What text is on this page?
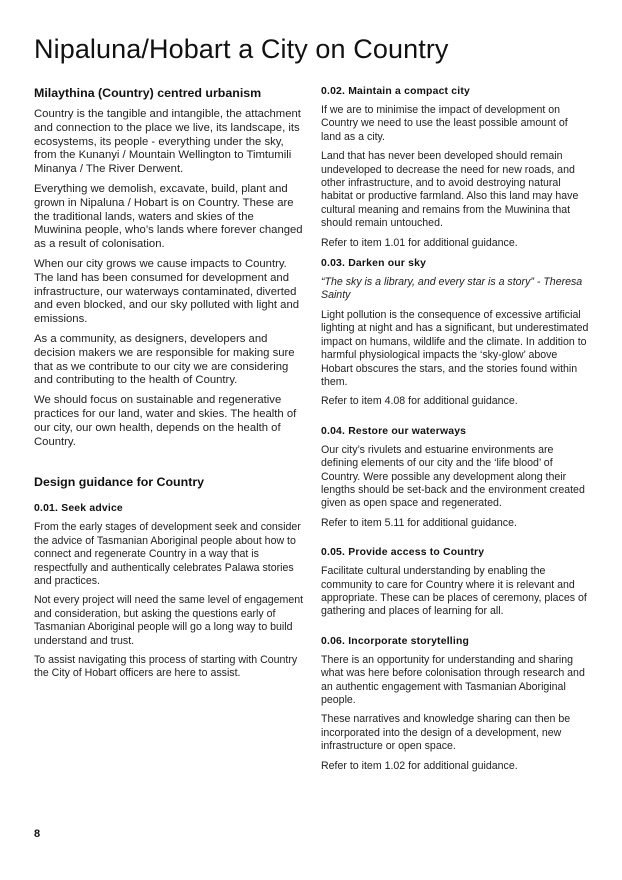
Nipaluna/Hobart a City on Country
Milaythina (Country) centred urbanism

Country is the tangible and intangible, the attachment and connection to the place we live, its landscape, its ecosystems, its people - everything under the sky, from the Kunanyi / Mountain Wellington to Timtumili Minanya / The River Derwent.

Everything we demolish, excavate, build, plant and grown in Nipaluna / Hobart is on Country. These are the traditional lands, waters and skies of the Muwinina people, who’s lands where forever changed as a result of colonisation.

When our city grows we cause impacts to Country. The land has been consumed for development and infrastructure, our waterways contaminated, diverted and even blocked, and our sky polluted with light and emissions.

As a community, as designers, developers and decision makers we are responsible for making sure that as we contribute to our city we are considering and contributing to the health of Country.

We should focus on sustainable and regenerative practices for our land, water and skies. The health of our city, our own health, depends on the health of Country.

Design guidance for Country
0.01. Seek advice

From the early stages of development seek and consider the advice of Tasmanian Aboriginal people about how to connect and regenerate Country in a way that is respectfully and authentically celebrates Palawa stories and practices.

Not every project will need the same level of engagement and consideration, but asking the questions early of Tasmanian Aboriginal people will go a long way to build understand and trust.

To assist navigating this process of starting with Country the City of Hobart officers are here to assist.

0.02. Maintain a compact city

If we are to minimise the impact of development on Country we need to use the least possible amount of land as a city.

Land that has never been developed should remain undeveloped to decrease the need for new roads, and other infrastructure, and to avoid destroying natural habitat or productive farmland. Also this land may have cultural meaning and remains from the Muwinina that should remain untouched.

Refer to item 1.01 for additional guidance.

0.03. Darken our sky

“The sky is a library, and every star is a story” - Theresa Sainty

Light pollution is the consequence of excessive artificial lighting at night and has a significant, but underestimated impact on humans, wildlife and the climate. In addition to harmful physiological impacts the ‘sky-glow’ above Hobart obscures the stars, and the stories found within them.

Refer to item 4.08 for additional guidance.

0.04. Restore our waterways

Our city’s rivulets and estuarine environments are defining elements of our city and the ‘life blood’ of Country. Were possible any development along their lengths should be set-back and the environment created given as open space and regenerated.

Refer to item 5.11 for additional guidance.

0.05. Provide access to Country

Facilitate cultural understanding by enabling the community to care for Country where it is relevant and appropriate. These can be places of ceremony, places of gathering and places of learning for all.

0.06. Incorporate storytelling

There is an opportunity for understanding and sharing what was here before colonisation through research and an authentic engagement with Tasmanian Aboriginal people.

These narratives and knowledge sharing can then be incorporated into the design of a development, new infrastructure or open space.

Refer to item 1.02 for additional guidance.

8
